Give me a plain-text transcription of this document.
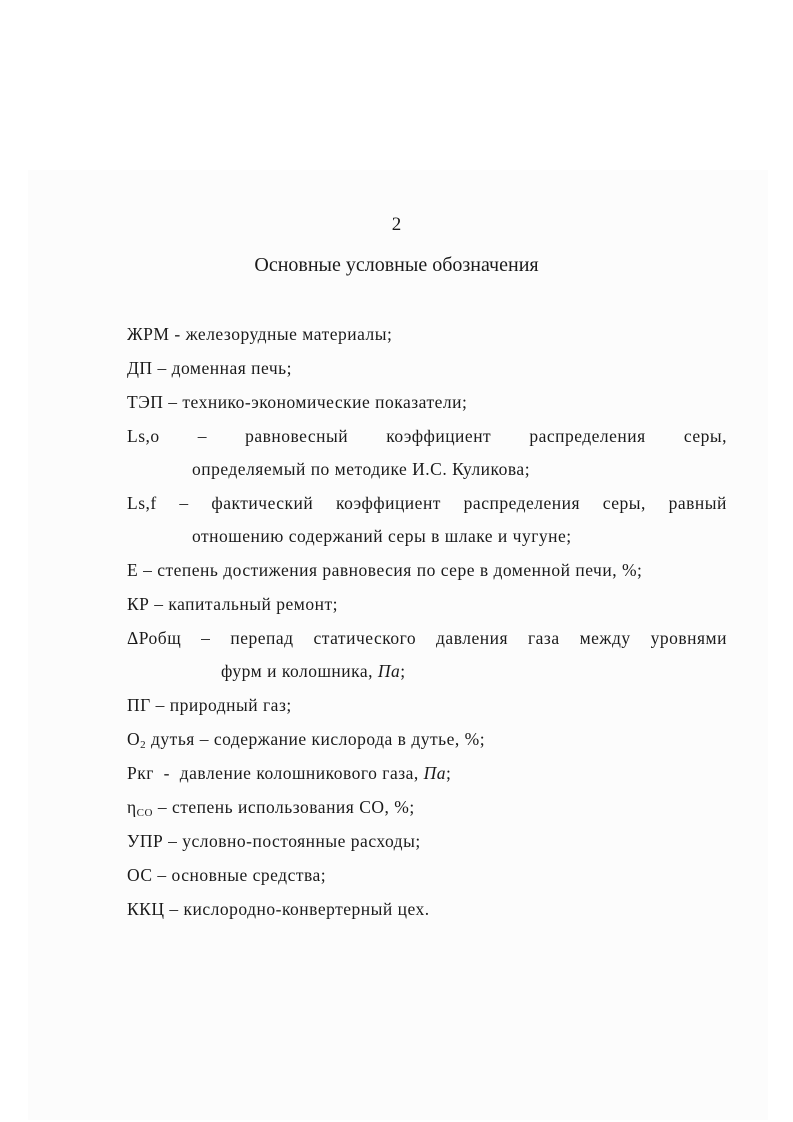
2
Основные условные обозначения
ЖРМ - железорудные материалы;
ДП – доменная печь;
ТЭП – технико-экономические показатели;
Ls,o – равновесный коэффициент распределения серы,
определяемый по методике И.С. Куликова;
Ls,f – фактический коэффициент распределения серы, равный
отношению содержаний серы в шлаке и чугуне;
Е – степень достижения равновесия по сере в доменной печи, %;
КР – капитальный ремонт;
ΔРобщ – перепад статического давления газа между уровнями
фурм и колошника, Па;
ПГ – природный газ;
$O_2$ дутья – содержание кислорода в дутье, %;
Ркг - давление колошникового газа, Па;
$\eta_{CO}$ – степень использования СО, %;
УПР – условно-постоянные расходы;
ОС – основные средства;
ККЦ – кислородно-конвертерный цех.
